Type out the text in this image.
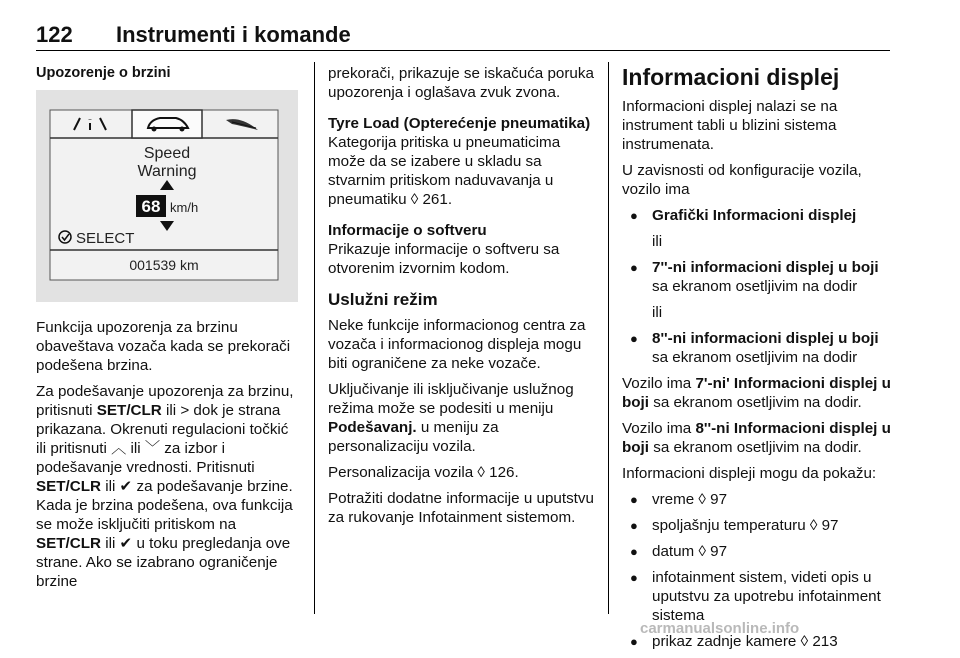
122 Instrumenti i komande

Upozorenje o brzini

Speed
Warning
68 km/h
SELECT
001539 km

Funkcija upozorenja za brzinu obaveštava vozača kada se prekorači podešena brzina.

Za podešavanje upozorenja za brzinu, pritisnuti SET/CLR ili > dok je strana prikazana. Okrenuti regulacioni točkić ili pritisnuti ︿ ili ﹀ za izbor i podešavanje vrednosti. Pritisnuti SET/CLR ili ✔ za podešavanje brzine. Kada je brzina podešena, ova funkcija se može isključiti pritiskom na SET/CLR ili ✔ u toku pregledanja ove strane. Ako se izabrano ograničenje brzine

prekorači, prikazuje se iskačuća poruka upozorenja i oglašava zvuk zvona.

Tyre Load (Opterećenje pneumatika)
Kategorija pritiska u pneumaticima može da se izabere u skladu sa stvarnim pritiskom naduvavanja u pneumatiku ◊ 261.

Informacije o softveru
Prikazuje informacije o softveru sa otvorenim izvornim kodom.

Uslužni režim

Neke funkcije informacionog centra za vozača i informacionog displeja mogu biti ograničene za neke vozače.

Uključivanje ili isključivanje uslužnog režima može se podesiti u meniju Podešavanj. u meniju za personalizaciju vozila.

Personalizacija vozila ◊ 126.

Potražiti dodatne informacije u uputstvu za rukovanje Infotainment sistemom.

Informacioni displej

Informacioni displej nalazi se na instrument tabli u blizini sistema instrumenata.

U zavisnosti od konfiguracije vozila, vozilo ima

● Grafički Informacioni displej

ili

● 7''-ni informacioni displej u boji sa ekranom osetljivim na dodir

ili

● 8''-ni informacioni displej u boji sa ekranom osetljivim na dodir

Vozilo ima 7'-ni' Informacioni displej u boji sa ekranom osetljivim na dodir.

Vozilo ima 8''-ni Informacioni displej u boji sa ekranom osetljivim na dodir.

Informacioni displeji mogu da pokažu:

● vreme ◊ 97

● spoljašnju temperaturu ◊ 97

● datum ◊ 97

● infotainment sistem, videti opis u uputstvu za upotrebu infotainment sistema

● prikaz zadnje kamere ◊ 213

carmanualsonline.info
